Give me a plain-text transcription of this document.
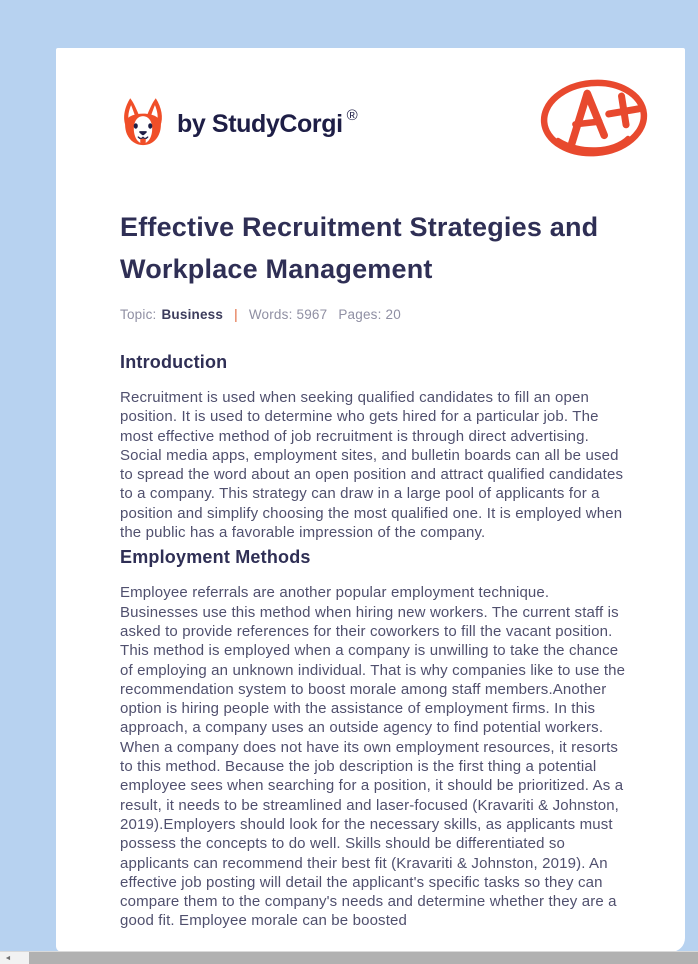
by StudyCorgi ®
Effective Recruitment Strategies and Workplace Management
Topic: Business | Words: 5967 Pages: 20
Introduction

Recruitment is used when seeking qualified candidates to fill an open position. It is used to determine who gets hired for a particular job. The most effective method of job recruitment is through direct advertising. Social media apps, employment sites, and bulletin boards can all be used to spread the word about an open position and attract qualified candidates to a company. This strategy can draw in a large pool of applicants for a position and simplify choosing the most qualified one. It is employed when the public has a favorable impression of the company.

Employment Methods

Employee referrals are another popular employment technique. Businesses use this method when hiring new workers. The current staff is asked to provide references for their coworkers to fill the vacant position. This method is employed when a company is unwilling to take the chance of employing an unknown individual. That is why companies like to use the recommendation system to boost morale among staff members.Another option is hiring people with the assistance of employment firms. In this approach, a company uses an outside agency to find potential workers. When a company does not have its own employment resources, it resorts to this method. Because the job description is the first thing a potential employee sees when searching for a position, it should be prioritized. As a result, it needs to be streamlined and laser-focused (Kravariti & Johnston, 2019).Employers should look for the necessary skills, as applicants must possess the concepts to do well. Skills should be differentiated so applicants can recommend their best fit (Kravariti & Johnston, 2019). An effective job posting will detail the applicant's specific tasks so they can compare them to the company's needs and determine whether they are a good fit. Employee morale can be boosted

◄
